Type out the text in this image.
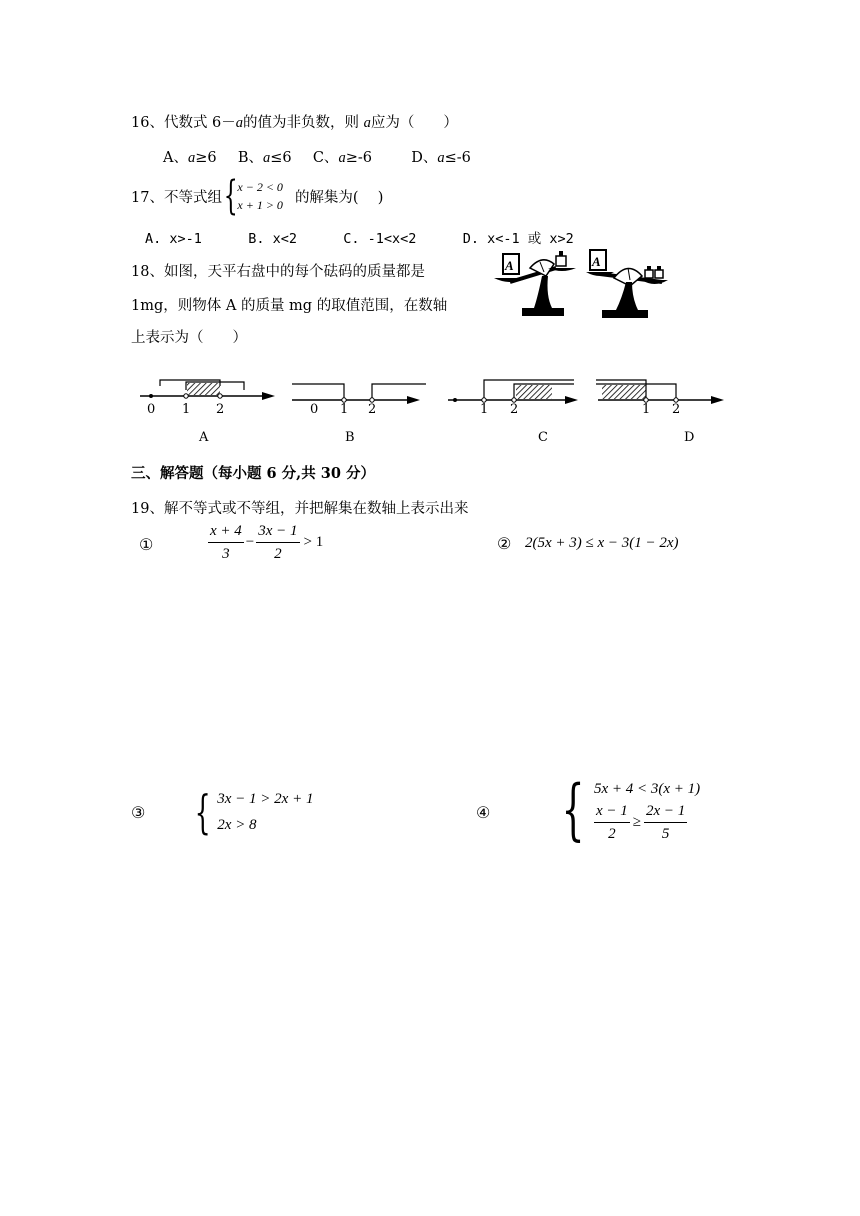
16、代数式 6－a的值为非负数，则 a应为（　　）
A、a≥6 B、a≤6 C、a≥-6	D、a≤-6
17、不等式组 { x − 2 < 0
x + 1 > 0 的解集为(　 )
A. x>-1	B. x<2	C. -1<x<2	D. x<-1 或 x>2
18、如图，天平右盘中的每个砝码的质量都是
1mg，则物体 A 的质量 mg 的取值范围，在数轴
上表示为（　　）
A	A
0 1 2
A
0 1 2
B
1 2
C
1 2
D
三、解答题（每小题 6 分,共 30 分）
19、解不等式或不等组，并把解集在数轴上表示出来
①	$\frac{x + 4}{3} - \frac{3x - 1}{2} > 1$	② 2(5x + 3) ≤ x − 3(1 − 2x)
③ { 3x − 1 > 2x + 1
2x > 8
④ { 5x + 4 < 3(x + 1)
$\frac{x - 1}{2} \ge \frac{2x - 1}{5}$
